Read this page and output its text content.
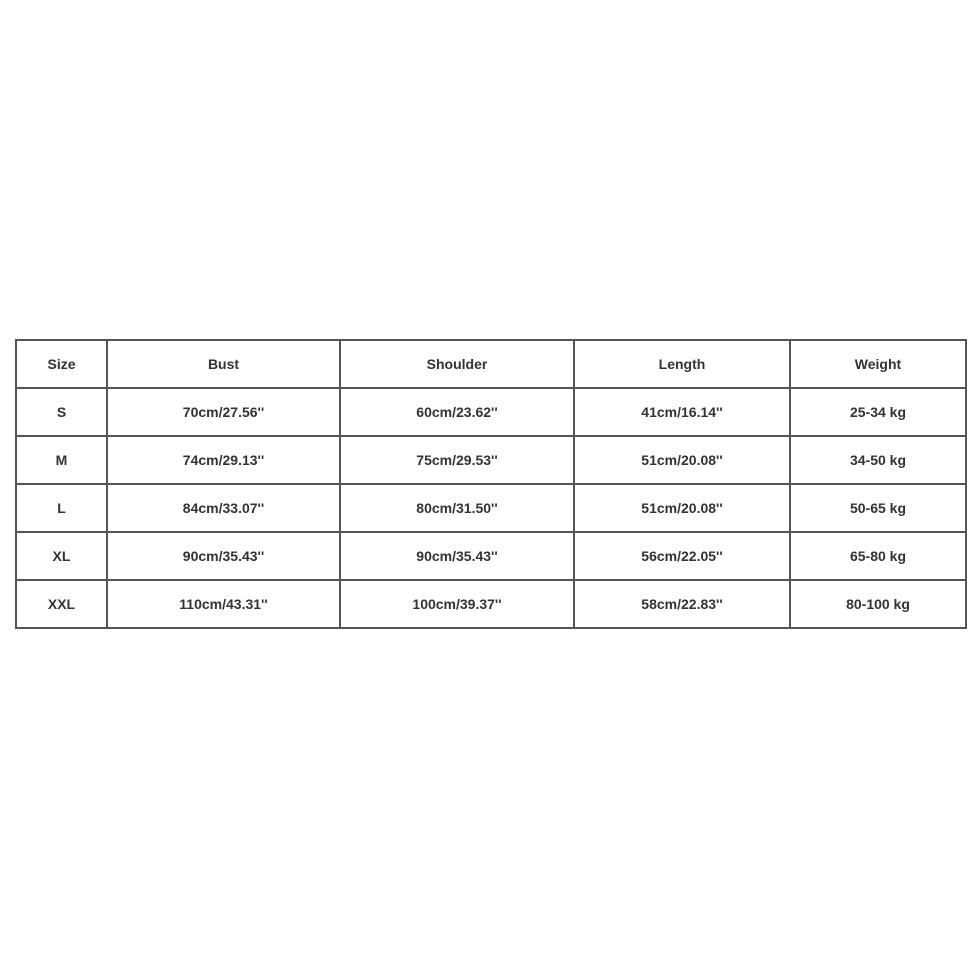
Size	Bust	Shoulder	Length	Weight
S	70cm/27.56''	60cm/23.62''	41cm/16.14''	25-34 kg
M	74cm/29.13''	75cm/29.53''	51cm/20.08''	34-50 kg
L	84cm/33.07''	80cm/31.50''	51cm/20.08''	50-65 kg
XL	90cm/35.43''	90cm/35.43''	56cm/22.05''	65-80 kg
XXL	110cm/43.31''	100cm/39.37''	58cm/22.83''	80-100 kg
